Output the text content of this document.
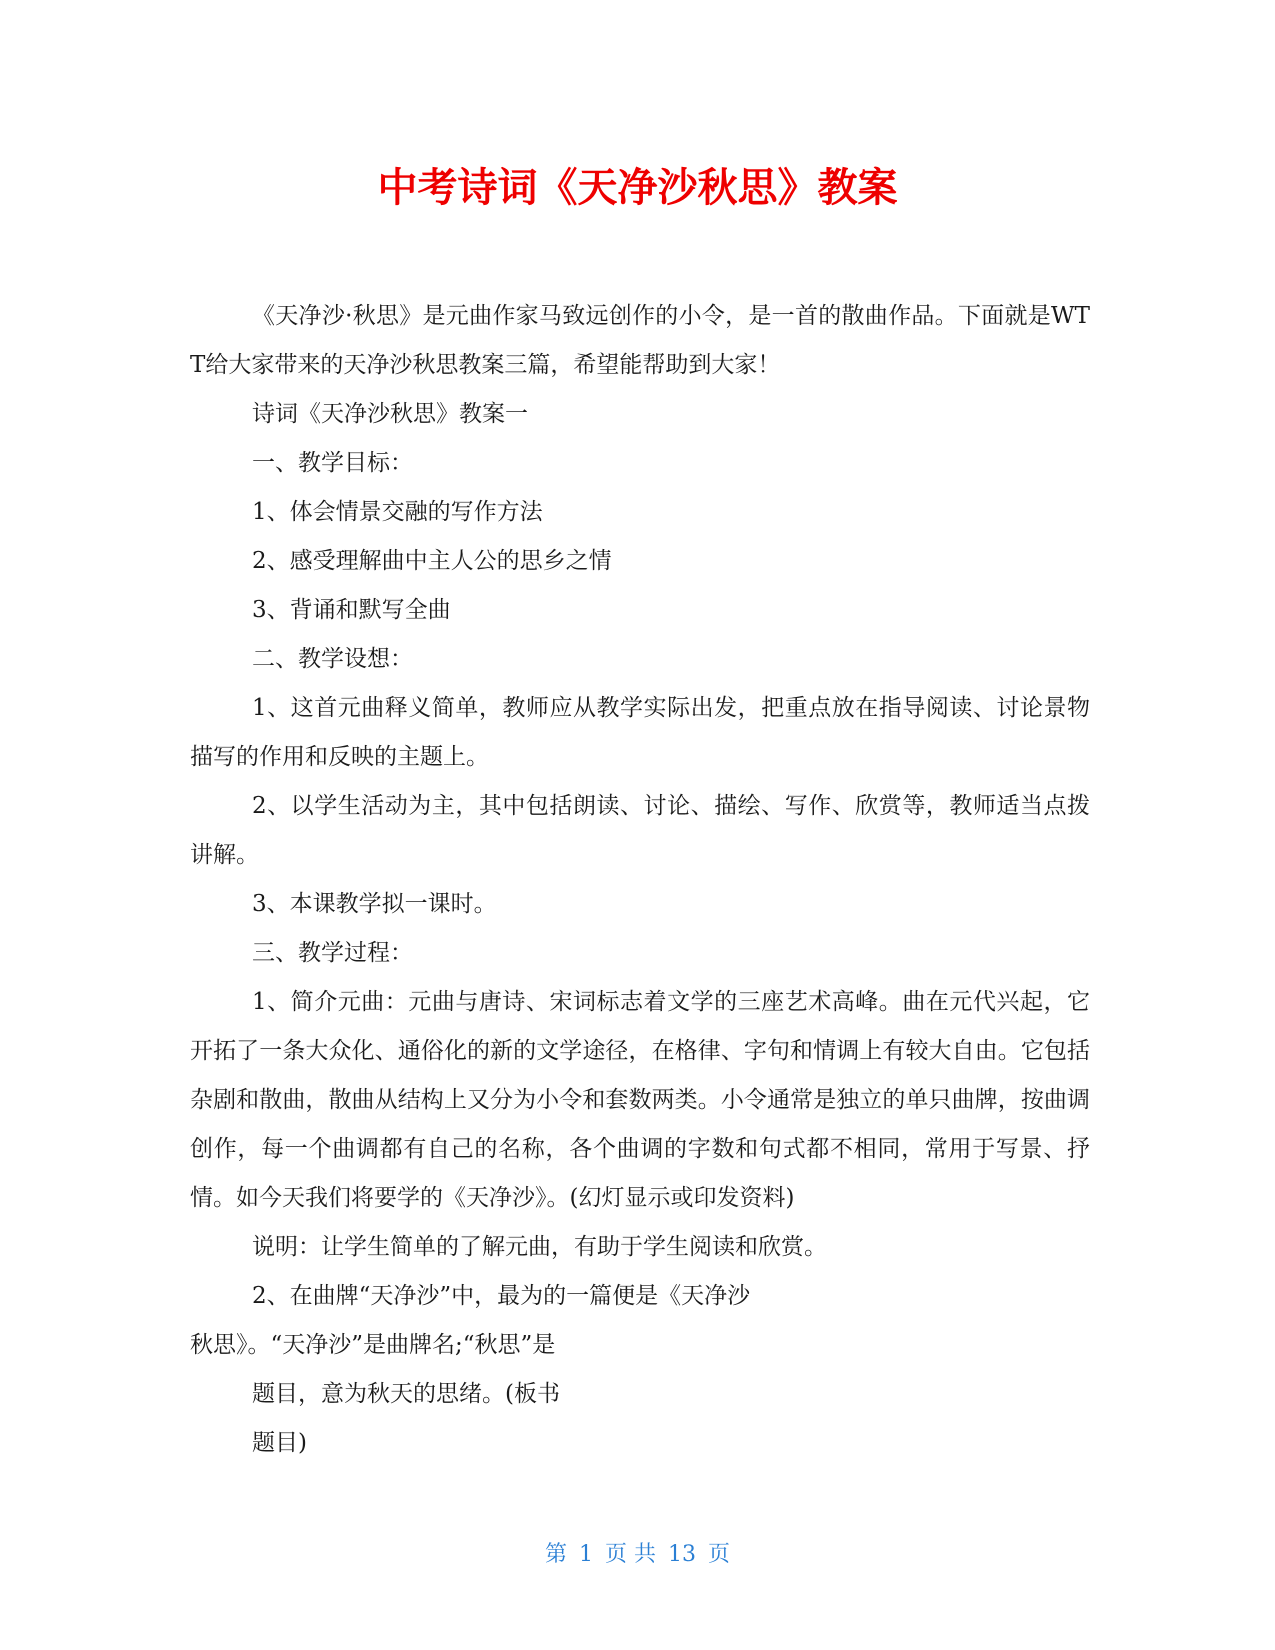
中考诗词《天净沙秋思》教案

《天净沙·秋思》是元曲作家马致远创作的小令，是一首的散曲作品。下面就是WTT给大家带来的天净沙秋思教案三篇，希望能帮助到大家！

诗词《天净沙秋思》教案一

一、教学目标：

1、体会情景交融的写作方法

2、感受理解曲中主人公的思乡之情

3、背诵和默写全曲

二、教学设想：

1、这首元曲释义简单，教师应从教学实际出发，把重点放在指导阅读、讨论景物描写的作用和反映的主题上。

2、以学生活动为主，其中包括朗读、讨论、描绘、写作、欣赏等，教师适当点拨讲解。

3、本课教学拟一课时。

三、教学过程：

1、简介元曲：元曲与唐诗、宋词标志着文学的三座艺术高峰。曲在元代兴起，它开拓了一条大众化、通俗化的新的文学途径，在格律、字句和情调上有较大自由。它包括杂剧和散曲，散曲从结构上又分为小令和套数两类。小令通常是独立的单只曲牌，按曲调创作，每一个曲调都有自己的名称，各个曲调的字数和句式都不相同，常用于写景、抒情。如今天我们将要学的《天净沙》。(幻灯显示或印发资料)

说明：让学生简单的了解元曲，有助于学生阅读和欣赏。

2、在曲牌“天净沙”中，最为的一篇便是《天净沙

秋思》。“天净沙”是曲牌名;“秋思”是

题目，意为秋天的思绪。(板书

题目)

第 1 页 共 13 页
